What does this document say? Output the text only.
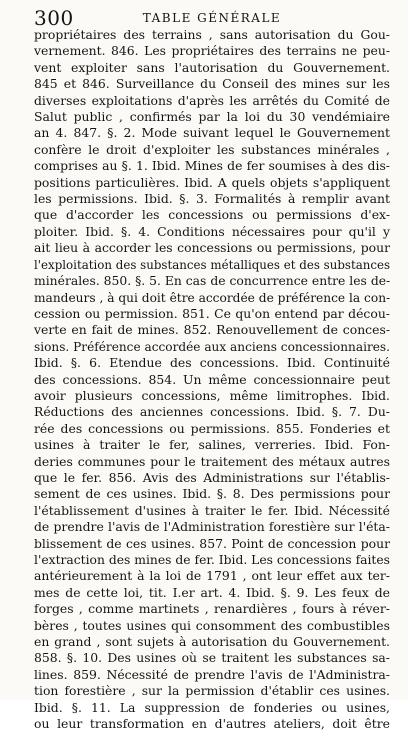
300	TABLE GÉNÉRALE
propriétaires des terrains , sans autorisation du Gou-
vernement. 846. Les propriétaires des terrains ne peu-
vent exploiter sans l'autorisation du Gouvernement.
845 et 846. Surveillance du Conseil des mines sur les
diverses exploitations d'après les arrêtés du Comité de
Salut public , confirmés par la loi du 30 vendémiaire
an 4. 847. §. 2. Mode suivant lequel le Gouvernement
confère le droit d'exploiter les substances minérales ,
comprises au §. 1. Ibid. Mines de fer soumises à des dis-
positions particulières. Ibid. A quels objets s'appliquent
les permissions. Ibid. §. 3. Formalités à remplir avant
que d'accorder les concessions ou permissions d'ex-
ploiter. Ibid. §. 4. Conditions nécessaires pour qu'il y
ait lieu à accorder les concessions ou permissions, pour
l'exploitation des substances métalliques et des substances
minérales. 850. §. 5. En cas de concurrence entre les de-
mandeurs , à qui doit être accordée de préférence la con-
cession ou permission. 851. Ce qu'on entend par décou-
verte en fait de mines. 852. Renouvellement de conces-
sions. Préférence accordée aux anciens concessionnaires.
Ibid. §. 6. Etendue des concessions. Ibid. Continuité
des concessions. 854. Un même concessionnaire peut
avoir plusieurs concessions, même limitrophes. Ibid.
Réductions des anciennes concessions. Ibid. §. 7. Du-
rée des concessions ou permissions. 855. Fonderies et
usines à traiter le fer, salines, verreries. Ibid. Fon-
deries communes pour le traitement des métaux autres
que le fer. 856. Avis des Administrations sur l'établis-
sement de ces usines. Ibid. §. 8. Des permissions pour
l'établissement d'usines à traiter le fer. Ibid. Nécessité
de prendre l'avis de l'Administration forestière sur l'éta-
blissement de ces usines. 857. Point de concession pour
l'extraction des mines de fer. Ibid. Les concessions faites
antérieurement à la loi de 1791 , ont leur effet aux ter-
mes de cette loi, tit. I.er art. 4. Ibid. §. 9. Les feux de
forges , comme martinets , renardières , fours à réver-
bères , toutes usines qui consomment des combustibles
en grand , sont sujets à autorisation du Gouvernement.
858. §. 10. Des usines où se traitent les substances sa-
lines. 859. Nécessité de prendre l'avis de l'Administra-
tion forestière , sur la permission d'établir ces usines.
Ibid. §. 11. La suppression de fonderies ou usines,
ou leur transformation en d'autres ateliers, doit être
